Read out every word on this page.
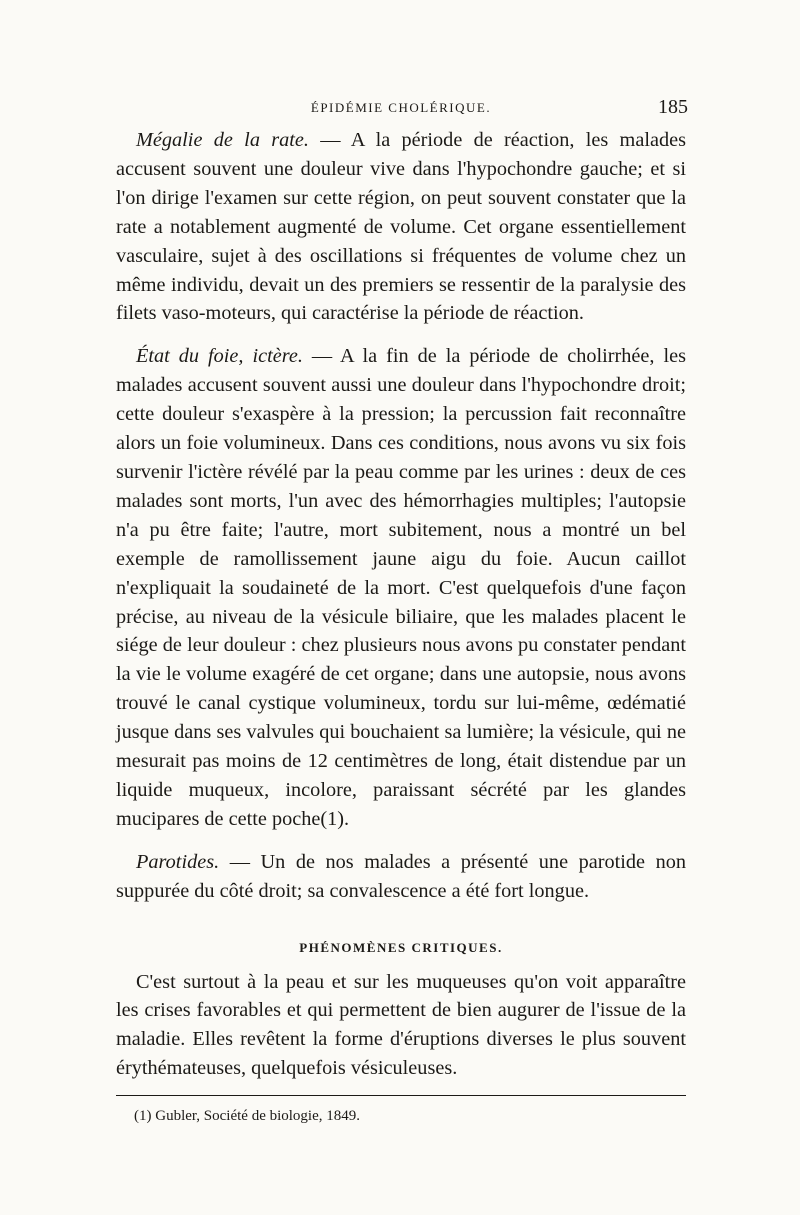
ÉPIDÉMIE CHOLÉRIQUE.	185

Mégalie de la rate. — A la période de réaction, les malades accusent souvent une douleur vive dans l'hypochondre gauche; et si l'on dirige l'examen sur cette région, on peut souvent constater que la rate a notablement augmenté de volume. Cet organe essentiellement vasculaire, sujet à des oscillations si fréquentes de volume chez un même individu, devait un des premiers se ressentir de la paralysie des filets vaso-moteurs, qui caractérise la période de réaction.

État du foie, ictère. — A la fin de la période de cholirrhée, les malades accusent souvent aussi une douleur dans l'hypochondre droit; cette douleur s'exaspère à la pression; la percussion fait reconnaître alors un foie volumineux. Dans ces conditions, nous avons vu six fois survenir l'ictère révélé par la peau comme par les urines : deux de ces malades sont morts, l'un avec des hémorrhagies multiples; l'autopsie n'a pu être faite; l'autre, mort subitement, nous a montré un bel exemple de ramollissement jaune aigu du foie. Aucun caillot n'expliquait la soudaineté de la mort. C'est quelquefois d'une façon précise, au niveau de la vésicule biliaire, que les malades placent le siége de leur douleur : chez plusieurs nous avons pu constater pendant la vie le volume exagéré de cet organe; dans une autopsie, nous avons trouvé le canal cystique volumineux, tordu sur lui-même, œdématié jusque dans ses valvules qui bouchaient sa lumière; la vésicule, qui ne mesurait pas moins de 12 centimètres de long, était distendue par un liquide muqueux, incolore, paraissant sécrété par les glandes mucipares de cette poche(1).

Parotides. — Un de nos malades a présenté une parotide non suppurée du côté droit; sa convalescence a été fort longue.

PHÉNOMÈNES CRITIQUES.

C'est surtout à la peau et sur les muqueuses qu'on voit apparaître les crises favorables et qui permettent de bien augurer de l'issue de la maladie. Elles revêtent la forme d'éruptions diverses le plus souvent érythémateuses, quelquefois vésiculeuses.

(1) Gubler, Société de biologie, 1849.
